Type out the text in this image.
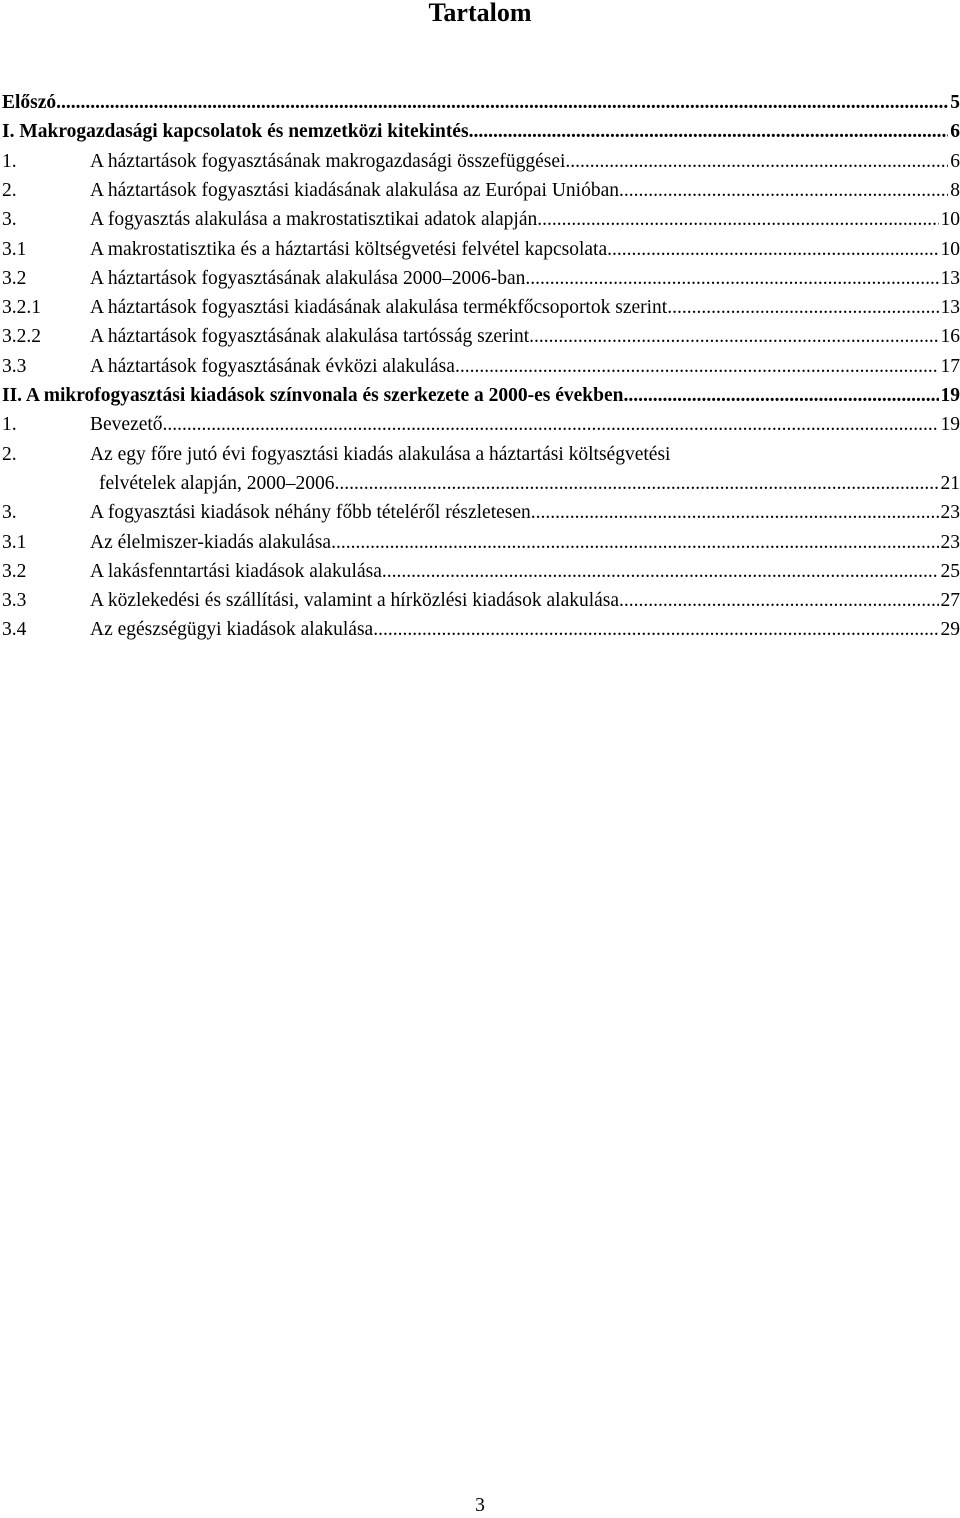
Tartalom
Előszó .....	5
I. Makrogazdasági kapcsolatok és nemzetközi kitekintés .....	6
1.	A háztartások fogyasztásának makrogazdasági összefüggései .....	6
2.	A háztartások fogyasztási kiadásának alakulása az Európai Unióban .....	8
3.	A fogyasztás alakulása a makrostatisztikai adatok alapján .....	10
3.1	A makrostatisztika és a háztartási költségvetési felvétel kapcsolata .....	10
3.2	A háztartások fogyasztásának alakulása 2000–2006-ban .....	13
3.2.1	A háztartások fogyasztási kiadásának alakulása termékfőcsoportok szerint .....	13
3.2.2	A háztartások fogyasztásának alakulása tartósság szerint .....	16
3.3	A háztartások fogyasztásának évközi alakulása .....	17
II. A mikrofogyasztási kiadások színvonala és szerkezete a 2000-es években .....	19
1.	Bevezető .....	19
2.	Az egy főre jutó évi fogyasztási kiadás alakulása a háztartási költségvetési
felvételek alapján, 2000–2006 .....	21
3.	A fogyasztási kiadások néhány főbb tételéről részletesen .....	23
3.1	Az élelmiszer-kiadás alakulása .....	23
3.2	A lakásfenntartási kiadások alakulása .....	25
3.3	A közlekedési és szállítási, valamint a hírközlési kiadások alakulása .....	27
3.4	Az egészségügyi kiadások alakulása .....	29
3
